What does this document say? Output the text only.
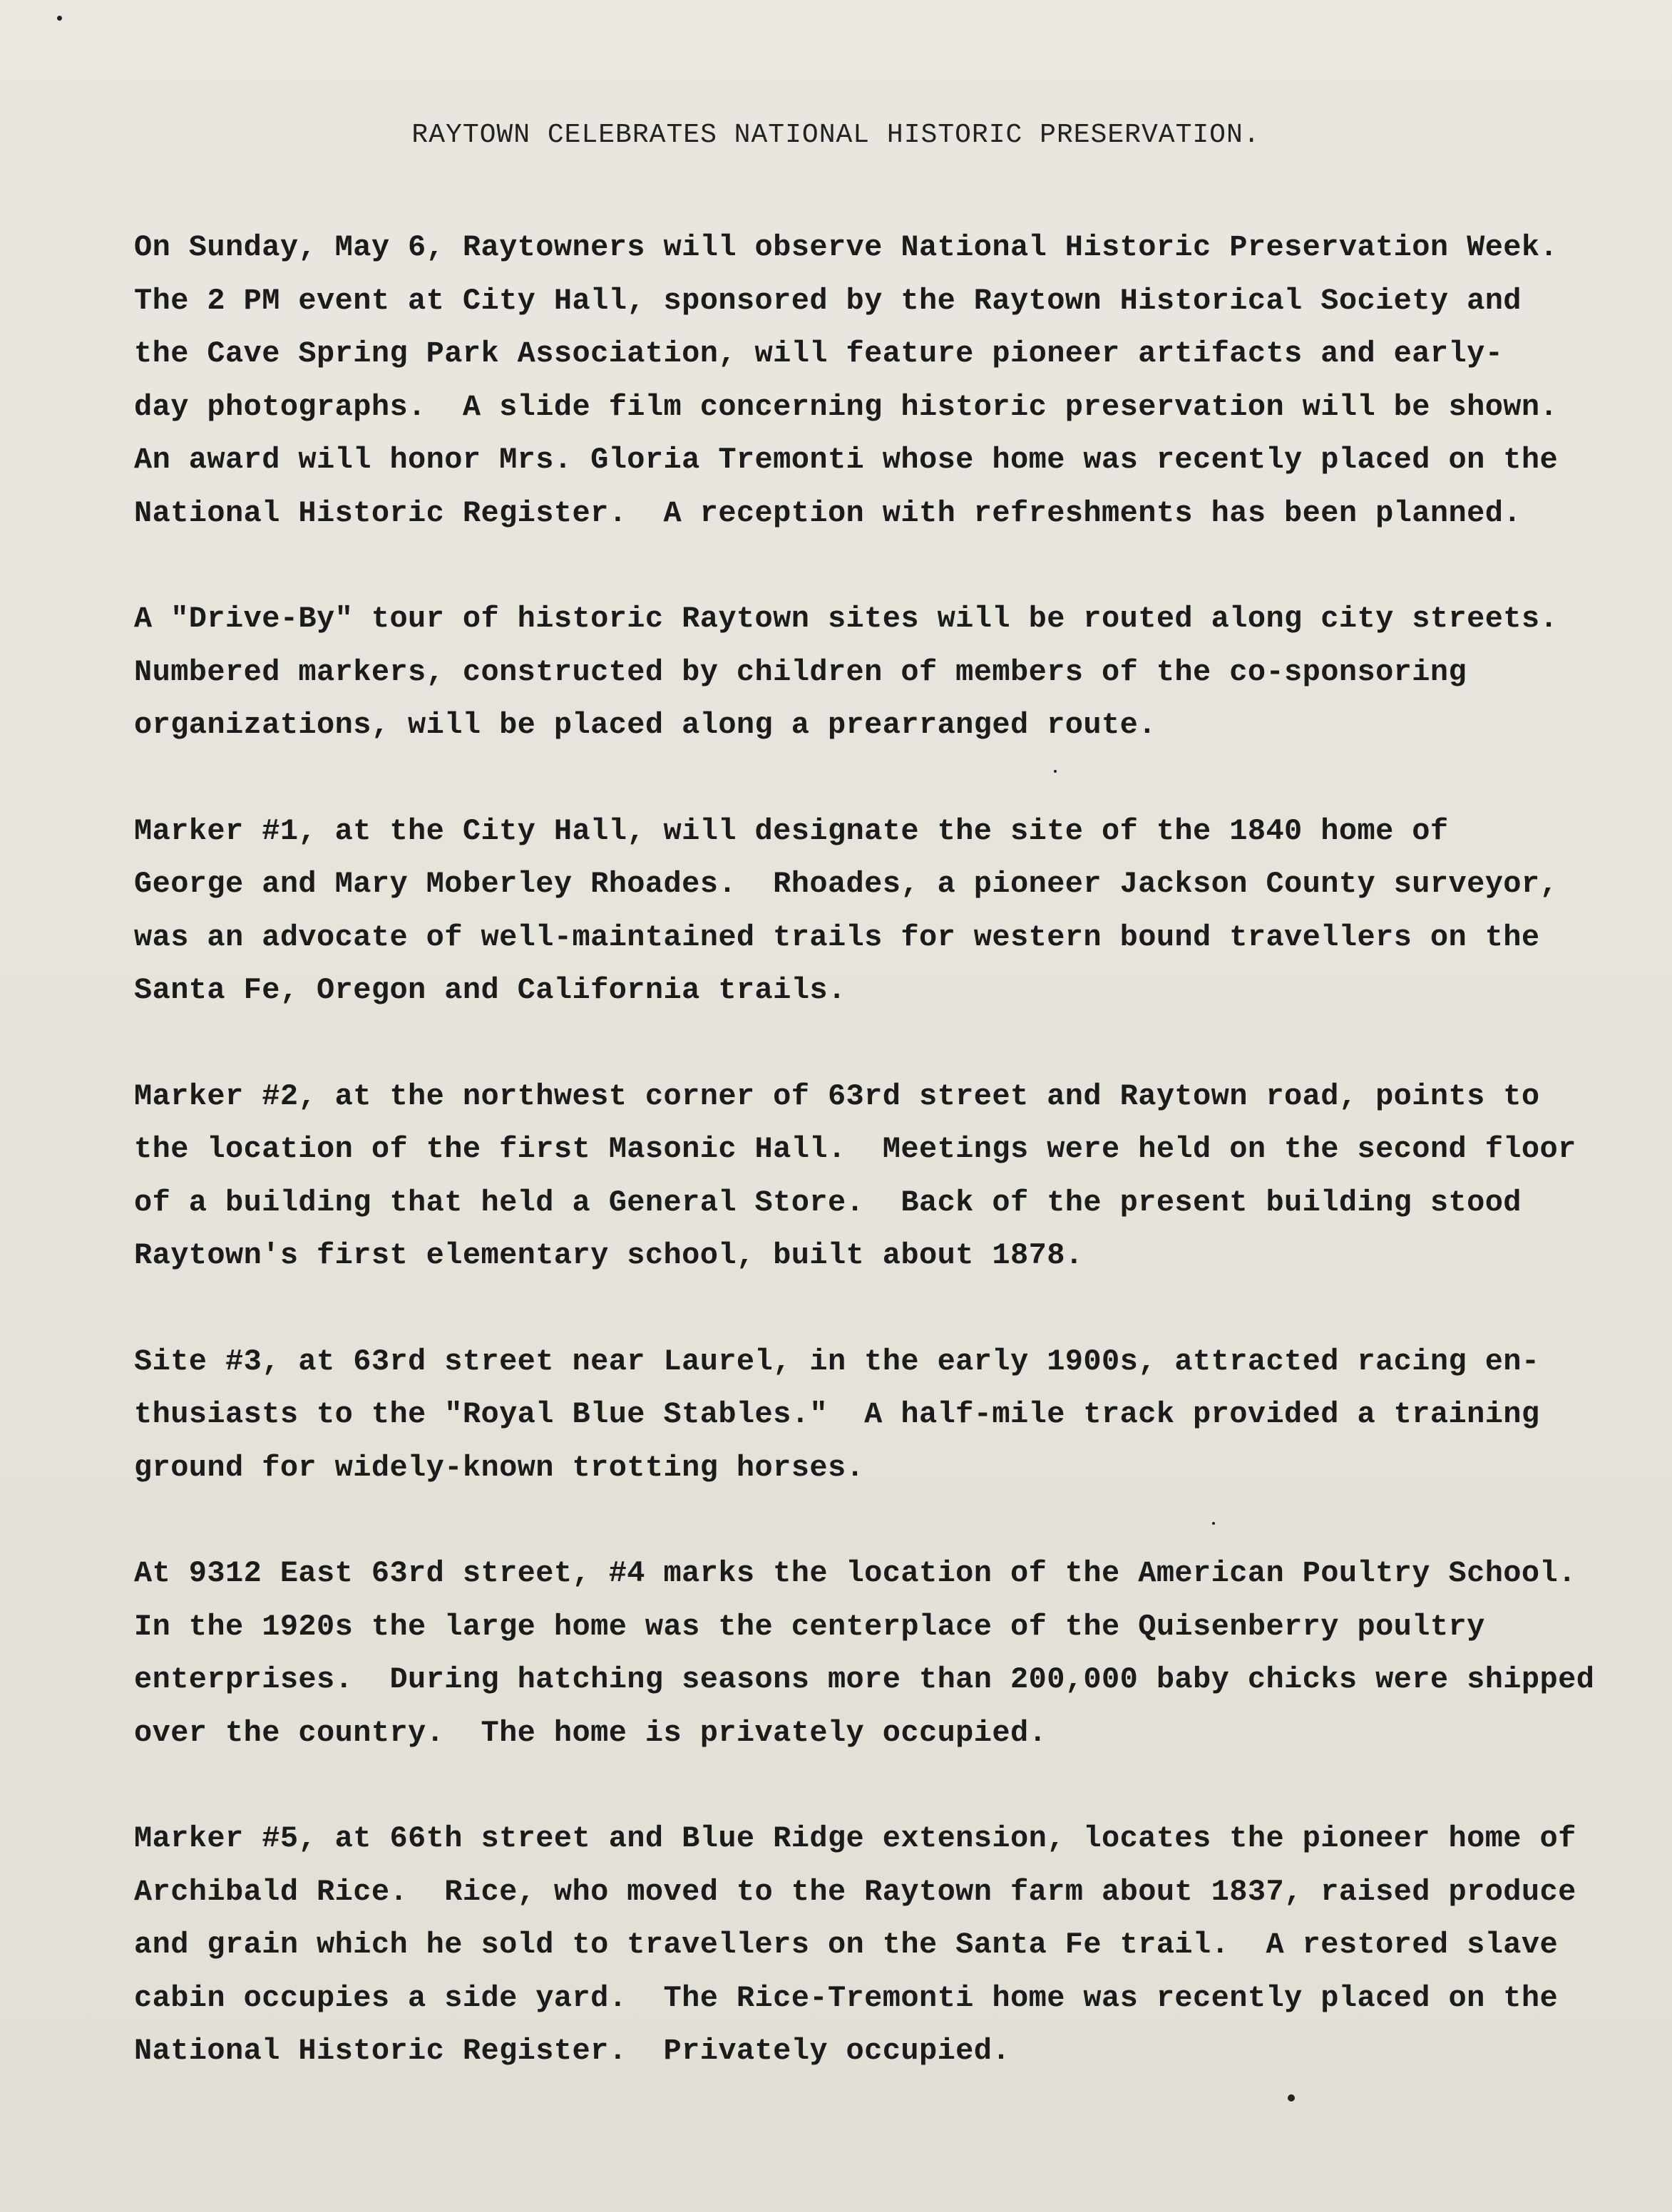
RAYTOWN CELEBRATES NATIONAL HISTORIC PRESERVATION.
On Sunday, May 6, Raytowners will observe National Historic Preservation Week.
The 2 PM event at City Hall, sponsored by the Raytown Historical Society and
the Cave Spring Park Association, will feature pioneer artifacts and early-
day photographs.  A slide film concerning historic preservation will be shown.
An award will honor Mrs. Gloria Tremonti whose home was recently placed on the
National Historic Register.  A reception with refreshments has been planned.
A "Drive-By" tour of historic Raytown sites will be routed along city streets.
Numbered markers, constructed by children of members of the co-sponsoring
organizations, will be placed along a prearranged route.
Marker #1, at the City Hall, will designate the site of the 1840 home of
George and Mary Moberley Rhoades.  Rhoades, a pioneer Jackson County surveyor,
was an advocate of well-maintained trails for western bound travellers on the
Santa Fe, Oregon and California trails.
Marker #2, at the northwest corner of 63rd street and Raytown road, points to
the location of the first Masonic Hall.  Meetings were held on the second floor
of a building that held a General Store.  Back of the present building stood
Raytown's first elementary school, built about 1878.
Site #3, at 63rd street near Laurel, in the early 1900s, attracted racing en-
thusiasts to the "Royal Blue Stables."  A half-mile track provided a training
ground for widely-known trotting horses.
At 9312 East 63rd street, #4 marks the location of the American Poultry School.
In the 1920s the large home was the centerplace of the Quisenberry poultry
enterprises.  During hatching seasons more than 200,000 baby chicks were shipped
over the country.  The home is privately occupied.
Marker #5, at 66th street and Blue Ridge extension, locates the pioneer home of
Archibald Rice.  Rice, who moved to the Raytown farm about 1837, raised produce
and grain which he sold to travellers on the Santa Fe trail.  A restored slave
cabin occupies a side yard.  The Rice-Tremonti home was recently placed on the
National Historic Register.  Privately occupied.
